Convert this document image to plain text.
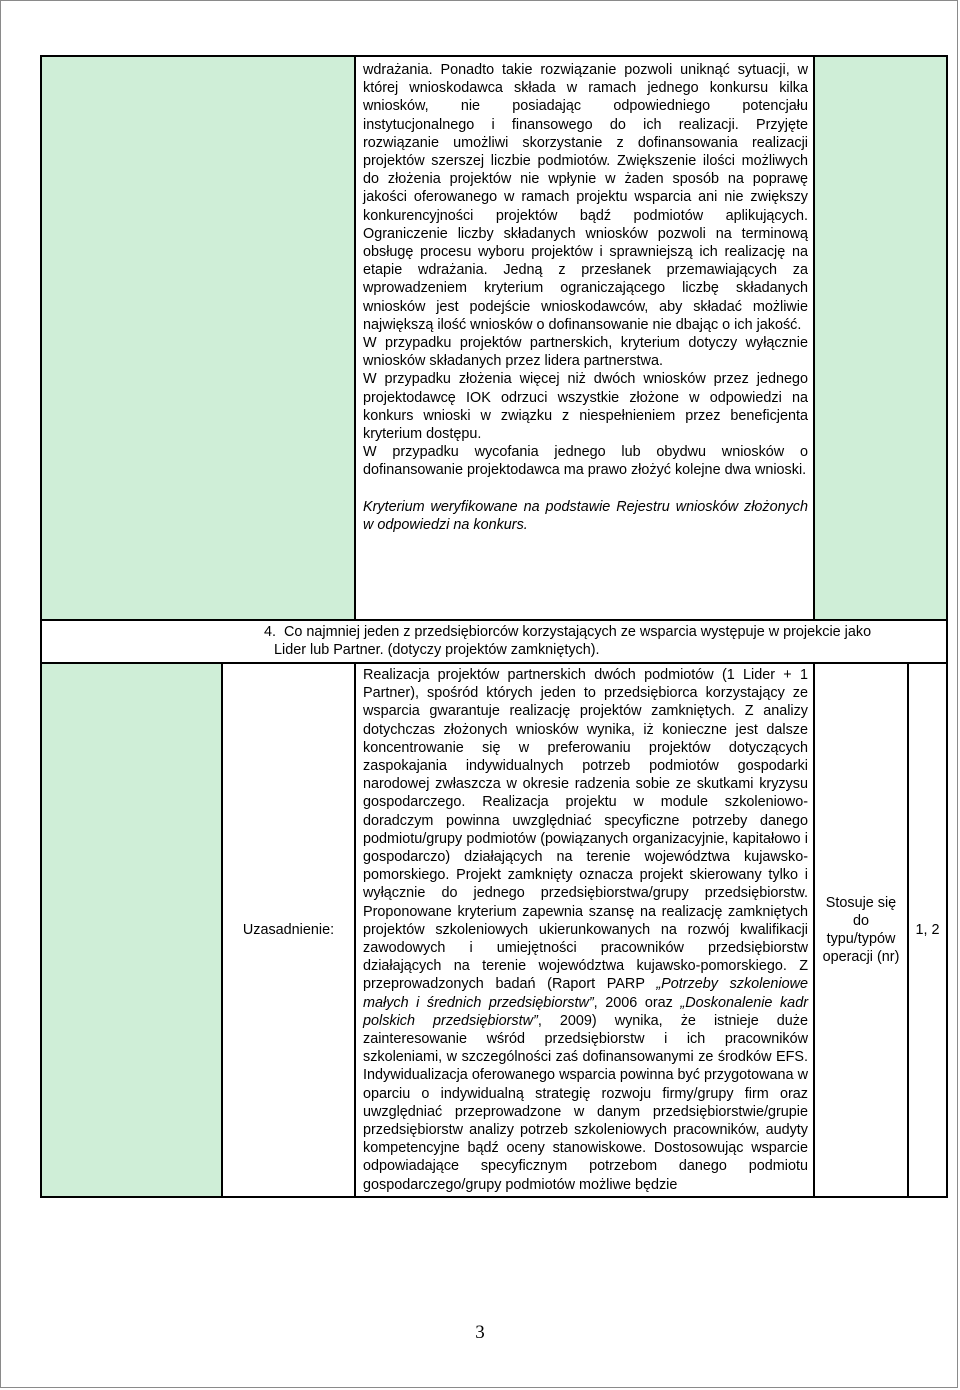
		wdrażania. Ponadto takie rozwiązanie pozwoli uniknąć sytuacji, w której wnioskodawca składa w ramach jednego konkursu kilka wniosków, nie posiadając odpowiedniego potencjału instytucjonalnego i finansowego do ich realizacji. Przyjęte rozwiązanie umożliwi skorzystanie z dofinansowania realizacji projektów szerszej liczbie podmiotów. Zwiększenie ilości możliwych do złożenia projektów nie wpłynie w żaden sposób na poprawę jakości oferowanego w ramach projektu wsparcia ani nie zwiększy konkurencyjności projektów bądź podmiotów aplikujących. Ograniczenie liczby składanych wniosków pozwoli na terminową obsługę procesu wyboru projektów i sprawniejszą ich realizację na etapie wdrażania. Jedną z przesłanek przemawiających za wprowadzeniem kryterium ograniczającego liczbę składanych wniosków jest podejście wnioskodawców, aby składać możliwie największą ilość wniosków o dofinansowanie nie dbając o ich jakość.

W przypadku projektów partnerskich, kryterium dotyczy wyłącznie wniosków składanych przez lidera partnerstwa.

W przypadku złożenia więcej niż dwóch wniosków przez jednego projektodawcę IOK odrzuci wszystkie złożone w odpowiedzi na konkurs wnioski w związku z niespełnieniem przez beneficjenta kryterium dostępu.

W przypadku wycofania jednego lub obydwu wniosków o dofinansowanie projektodawca ma prawo złożyć kolejne dwa wnioski.

Kryterium weryfikowane na podstawie Rejestru wniosków złożonych w odpowiedzi na konkurs.		

4. Co najmniej jeden z przedsiębiorców korzystających ze wsparcia występuje w projekcie jako
Lider lub Partner. (dotyczy projektów zamkniętych).				

	Uzasadnienie:	Realizacja projektów partnerskich dwóch podmiotów (1 Lider + 1 Partner), spośród których jeden to przedsiębiorca korzystający ze wsparcia gwarantuje realizację projektów zamkniętych. Z analizy dotychczas złożonych wniosków wynika, iż konieczne jest dalsze koncentrowanie się w preferowaniu projektów dotyczących zaspokajania indywidualnych potrzeb podmiotów gospodarki narodowej zwłaszcza w okresie radzenia sobie ze skutkami kryzysu gospodarczego. Realizacja projektu w module szkoleniowo-doradczym powinna uwzględniać specyficzne potrzeby danego podmiotu/grupy podmiotów (powiązanych organizacyjnie, kapitałowo i gospodarczo) działających na terenie województwa kujawsko-pomorskiego. Projekt zamknięty oznacza projekt skierowany tylko i wyłącznie do jednego przedsiębiorstwa/grupy przedsiębiorstw. Proponowane kryterium zapewnia szansę na realizację zamkniętych projektów szkoleniowych ukierunkowanych na rozwój kwalifikacji zawodowych i umiejętności pracowników przedsiębiorstw działających na terenie województwa kujawsko-pomorskiego. Z przeprowadzonych badań (Raport PARP „Potrzeby szkoleniowe małych i średnich przedsiębiorstw”, 2006 oraz „Doskonalenie kadr polskich przedsiębiorstw”, 2009) wynika, że istnieje duże zainteresowanie wśród przedsiębiorstw i ich pracowników szkoleniami, w szczególności zaś dofinansowanymi ze środków EFS. Indywidualizacja oferowanego wsparcia powinna być przygotowana w oparciu o indywidualną strategię rozwoju firmy/grupy firm oraz uwzględniać przeprowadzone w danym przedsiębiorstwie/grupie przedsiębiorstw analizy potrzeb szkoleniowych pracowników, audyty kompetencyjne bądź oceny stanowiskowe. Dostosowując wsparcie odpowiadające specyficznym potrzebom danego podmiotu gospodarczego/grupy podmiotów możliwe będzie	Stosuje się do typu/typów operacji (nr)	1, 2
3
